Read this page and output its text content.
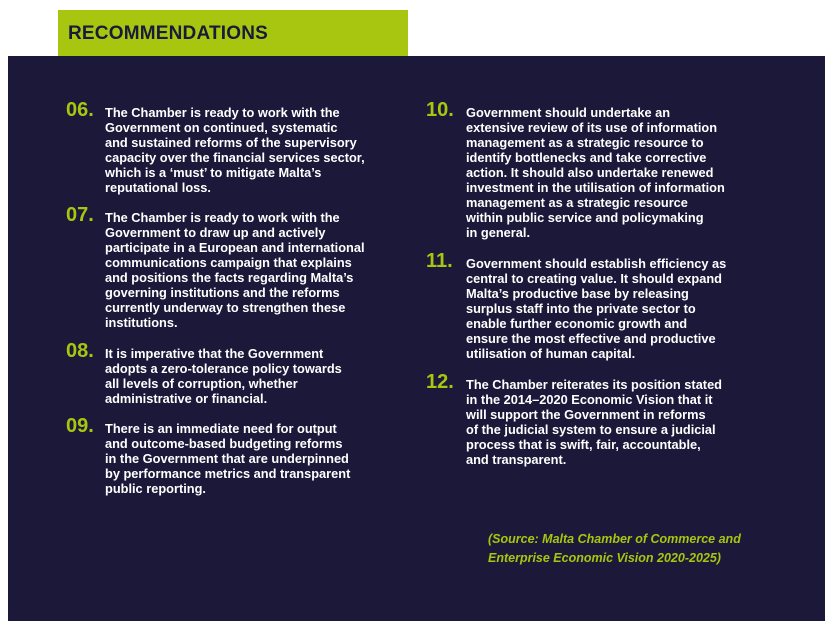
RECOMMENDATIONS
06. The Chamber is ready to work with the
Government on continued, systematic
and sustained reforms of the supervisory
capacity over the financial services sector,
which is a ‘must’ to mitigate Malta’s
reputational loss.
07. The Chamber is ready to work with the
Government to draw up and actively
participate in a European and international
communications campaign that explains
and positions the facts regarding Malta’s
governing institutions and the reforms
currently underway to strengthen these
institutions.
08. It is imperative that the Government
adopts a zero-tolerance policy towards
all levels of corruption, whether
administrative or financial.
09. There is an immediate need for output
and outcome-based budgeting reforms
in the Government that are underpinned
by performance metrics and transparent
public reporting.
10. Government should undertake an
extensive review of its use of information
management as a strategic resource to
identify bottlenecks and take corrective
action. It should also undertake renewed
investment in the utilisation of information
management as a strategic resource
within public service and policymaking
in general.
11.	Government should establish efficiency as
central to creating value. It should expand
Malta’s productive base by releasing
surplus staff into the private sector to
enable further economic growth and
ensure the most effective and productive
utilisation of human capital.
12. The Chamber reiterates its position stated
in the 2014–2020 Economic Vision that it
will support the Government in reforms
of the judicial system to ensure a judicial
process that is swift, fair, accountable,
and transparent.
(Source: Malta Chamber of Commerce and
Enterprise Economic Vision 2020-2025)
